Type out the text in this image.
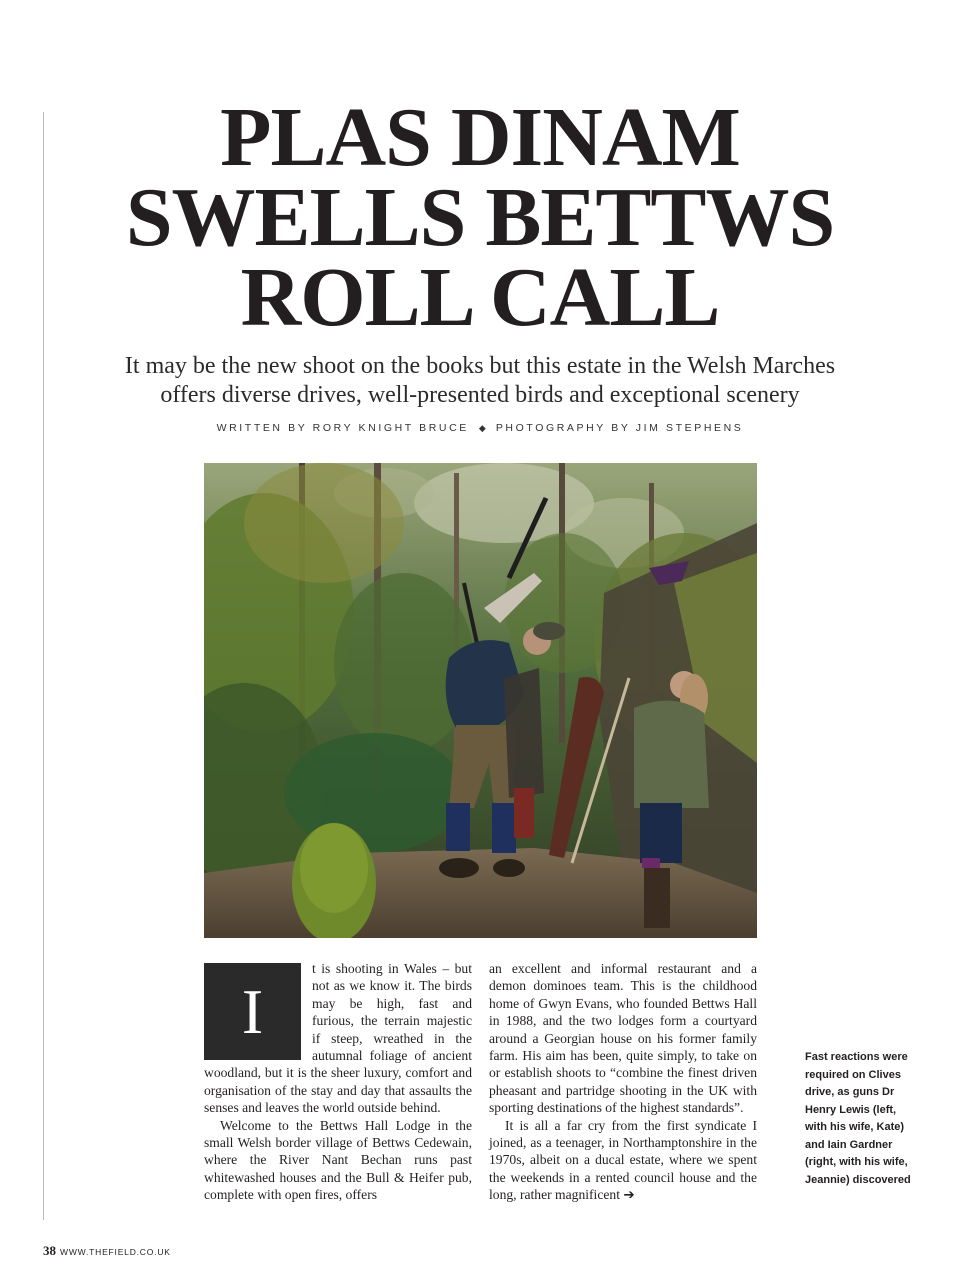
PLAS DINAM
SWELLS BETTWS
ROLL CALL

It may be the new shoot on the books but this estate in the Welsh Marches
offers diverse drives, well-presented birds and exceptional scenery

WRITTEN BY RORY KNIGHT BRUCE ◆ PHOTOGRAPHY BY JIM STEPHENS

I
t is shooting in Wales – but not as we know it. The birds may be high, fast and furious, the terrain majestic if steep, wreathed in the autumnal foliage of ancient woodland, but it is the sheer luxury, comfort and organisation of the stay and day that assaults the senses and leaves the world outside behind.

Welcome to the Bettws Hall Lodge in the small Welsh border village of Bettws Cedewain, where the River Nant Bechan runs past whitewashed houses and the Bull & Heifer pub, complete with open fires, offers

an excellent and informal restaurant and a demon dominoes team. This is the childhood home of Gwyn Evans, who founded Bettws Hall in 1988, and the two lodges form a courtyard around a Georgian house on his former family farm. His aim has been, quite simply, to take on or establish shoots to “combine the finest driven pheasant and partridge shooting in the UK with sporting destinations of the highest standards”.

It is all a far cry from the first syndicate I joined, as a teenager, in Northamptonshire in the 1970s, albeit on a ducal estate, where we spent the weekends in a rented council house and the long, rather magnificent ➔

Fast reactions were required on Clives drive, as guns Dr Henry Lewis (left, with his wife, Kate) and Iain Gardner (right, with his wife, Jeannie) discovered
38 WWW.THEFIELD.CO.UK
